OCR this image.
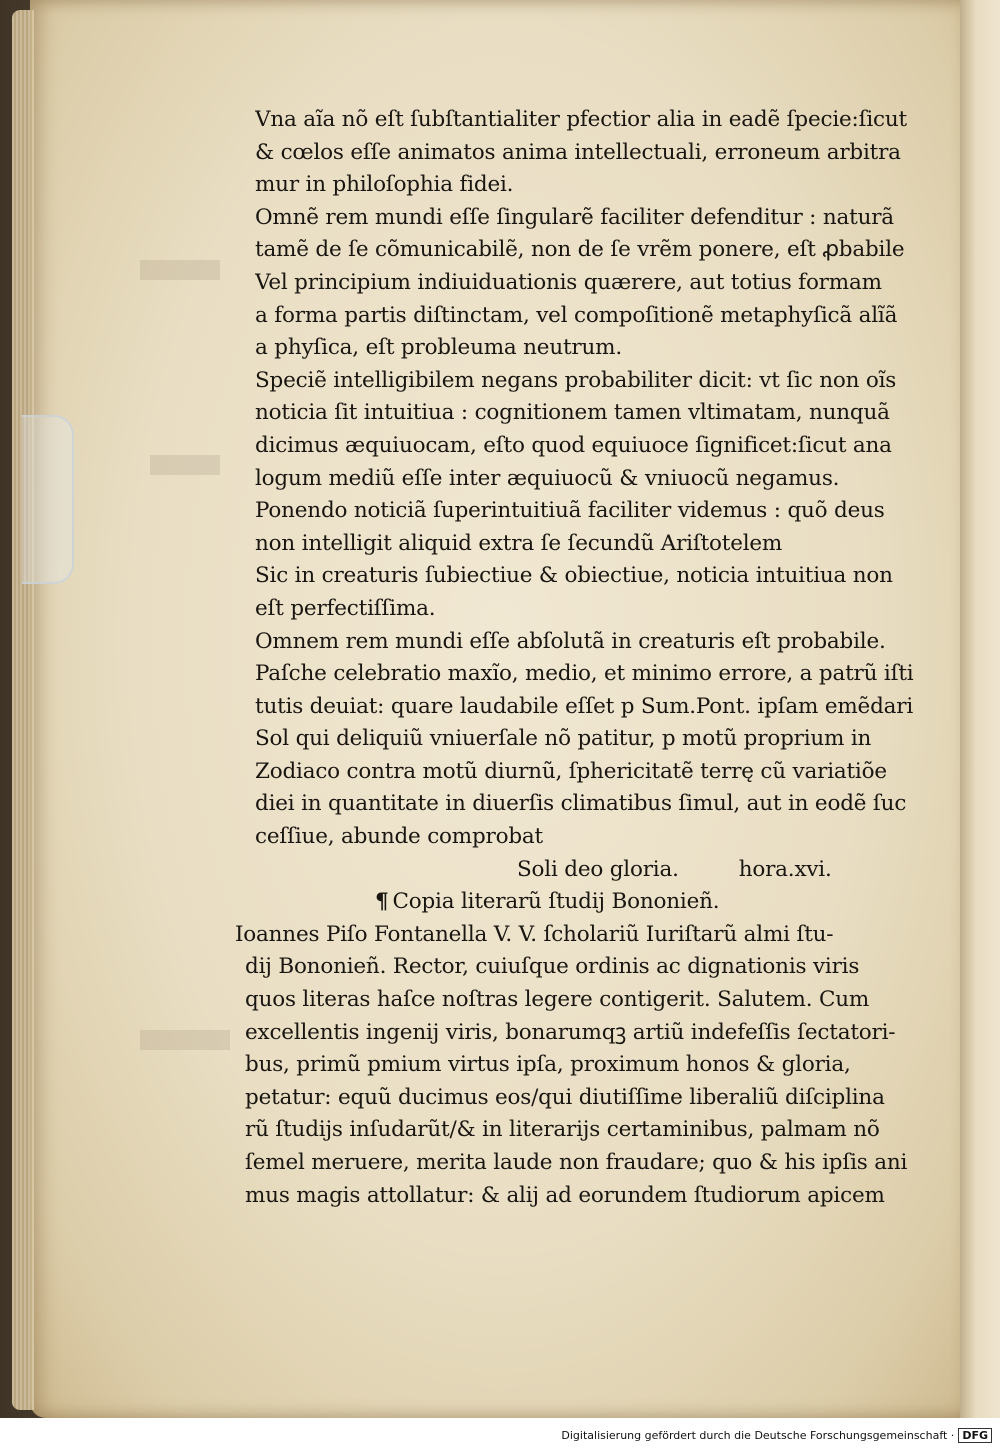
Vna aĩa nõ eſt ſubſtantialiter pfectior alia in eadẽ ſpecie:ſicut
& cœlos eſſe animatos anima intellectuali, erroneum arbitra
mur in philoſophia fidei.
Omnẽ rem mundi eſſe ſingularẽ faciliter defenditur : naturã
tamẽ de ſe cõmunicabilẽ, non de ſe vrẽm ponere, eſt ꝓbabile
Vel principium indiuiduationis quærere, aut totius formam
a forma partis diſtinctam, vel compoſitionẽ metaphyſicã alĩã
a phyſica, eſt probleuma neutrum.
Speciẽ intelligibilem negans probabiliter dicit: vt ſic non oĩs
noticia ſit intuitiua : cognitionem tamen vltimatam, nunquã
dicimus æquiuocam, eſto quod equiuoce ſignificet:ſicut ana
logum mediũ eſſe inter æquiuocũ & vniuocũ negamus.
Ponendo noticiã ſuperintuitiuã faciliter videmus : quõ deus
non intelligit aliquid extra ſe ſecundũ Ariſtotelem
Sic in creaturis ſubiectiue & obiectiue, noticia intuitiua non
eſt perfectiſſima.
Omnem rem mundi eſſe abſolutã in creaturis eſt probabile.
Paſche celebratio maxĩo, medio, et minimo errore, a patrũ iſti
tutis deuiat: quare laudabile eſſet p Sum.Pont. ipſam emẽdari
Sol qui deliquiũ vniuerſale nõ patitur, p motũ proprium in
Zodiaco contra motũ diurnũ, ſphericitatẽ terrę cũ variatiõe
diei in quantitate in diuerſis climatibus ſimul, aut in eodẽ ſuc
ceſſiue, abunde comprobat
Soli deo gloria.	hora.xvi.
¶ Copia literarũ ſtudij Bononieñ.
Ioannes Piſo Fontanella V. V. ſcholariũ Iuriſtarũ almi ſtu-
dij Bononieñ. Rector, cuiuſque ordinis ac dignationis viris
quos literas haſce noſtras legere contigerit. Salutem. Cum
excellentis ingenij viris, bonarumqꝫ artiũ indefeſſis ſectatori-
bus, primũ pmium virtus ipſa, proximum honos & gloria,
petatur: equũ ducimus eos/qui diutiſſime liberaliũ diſciplina
rũ ſtudijs inſudarũt/& in literarijs certaminibus, palmam nõ
ſemel meruere, merita laude non fraudare; quo & his ipſis ani
mus magis attollatur: & alij ad eorundem ſtudiorum apicem
Digitalisierung gefördert durch die Deutsche Forschungsgemeinschaft · DFG
